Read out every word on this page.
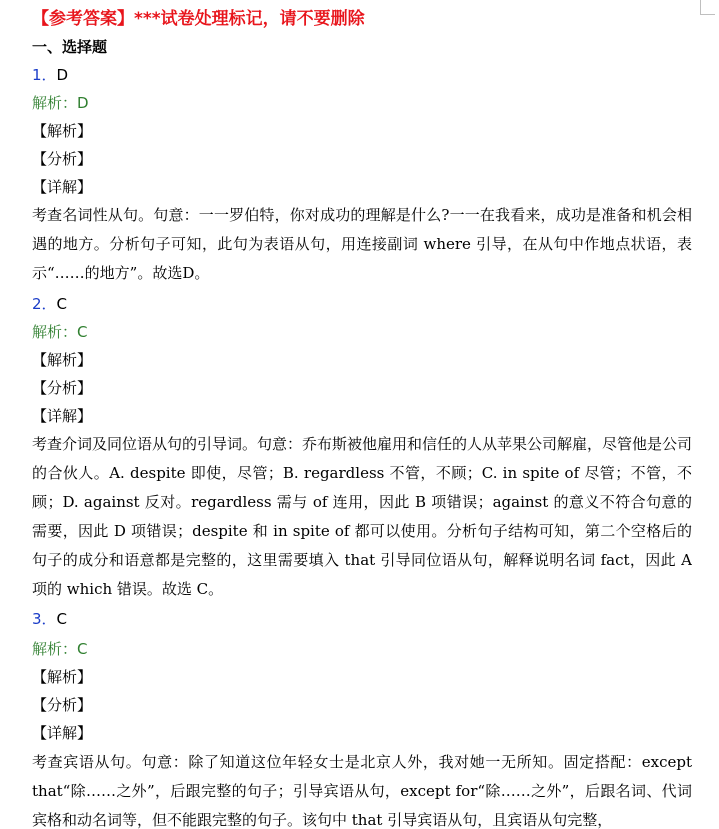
【参考答案】***试卷处理标记，请不要删除
一、选择题
1．D
解析：D
【解析】
【分析】
【详解】
考查名词性从句。句意：一一罗伯特，你对成功的理解是什么?一一在我看来，成功是准备和机会相遇的地方。分析句子可知，此句为表语从句，用连接副词 where 引导，在从句中作地点状语，表示“……的地方”。故选D。
2．C
解析：C
【解析】
【分析】
【详解】
考查介词及同位语从句的引导词。句意：乔布斯被他雇用和信任的人从苹果公司解雇，尽管他是公司的合伙人。A. despite 即使，尽管；B. regardless 不管，不顾；C. in spite of 尽管；不管，不顾；D. against 反对。regardless 需与 of 连用，因此 B 项错误；against 的意义不符合句意的需要，因此 D 项错误；despite 和 in spite of 都可以使用。分析句子结构可知，第二个空格后的句子的成分和语意都是完整的，这里需要填入 that 引导同位语从句，解释说明名词 fact，因此 A 项的 which 错误。故选 C。
3．C
解析：C
【解析】
【分析】
【详解】
考查宾语从句。句意：除了知道这位年轻女士是北京人外，我对她一无所知。固定搭配：except that“除……之外”，后跟完整的句子；引导宾语从句，except for“除……之外”，后跟名词、代词宾格和动名词等，但不能跟完整的句子。该句中 that 引导宾语从句，且宾语从句完整，
